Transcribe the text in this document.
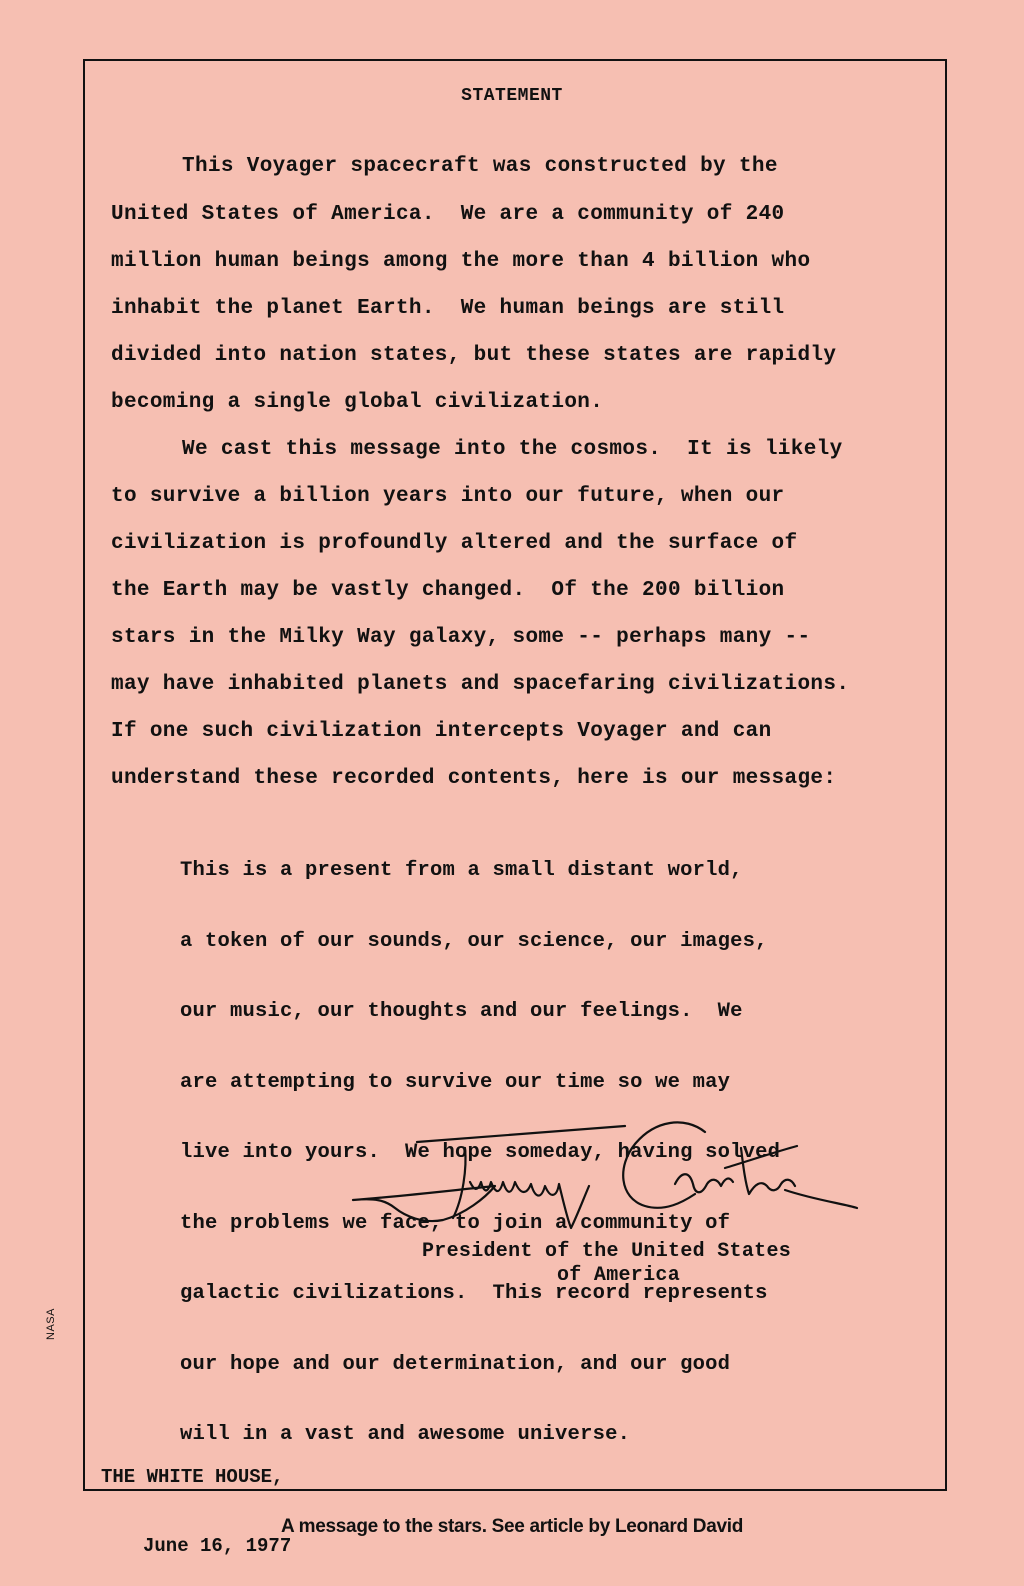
STATEMENT
This Voyager spacecraft was constructed by the
United States of America.  We are a community of 240
million human beings among the more than 4 billion who
inhabit the planet Earth.  We human beings are still
divided into nation states, but these states are rapidly
becoming a single global civilization.
We cast this message into the cosmos.  It is likely
to survive a billion years into our future, when our
civilization is profoundly altered and the surface of
the Earth may be vastly changed.  Of the 200 billion
stars in the Milky Way galaxy, some -- perhaps many --
may have inhabited planets and spacefaring civilizations.
If one such civilization intercepts Voyager and can
understand these recorded contents, here is our message:

This is a present from a small distant world,

a token of our sounds, our science, our images,

our music, our thoughts and our feelings.  We

are attempting to survive our time so we may

live into yours.  We hope someday, having solved

the problems we face, to join a community of

galactic civilizations.  This record represents

our hope and our determination, and our good

will in a vast and awesome universe.

President of the United States
of America

THE WHITE HOUSE,

June 16, 1977

NASA
A message to the stars. See article by Leonard David
